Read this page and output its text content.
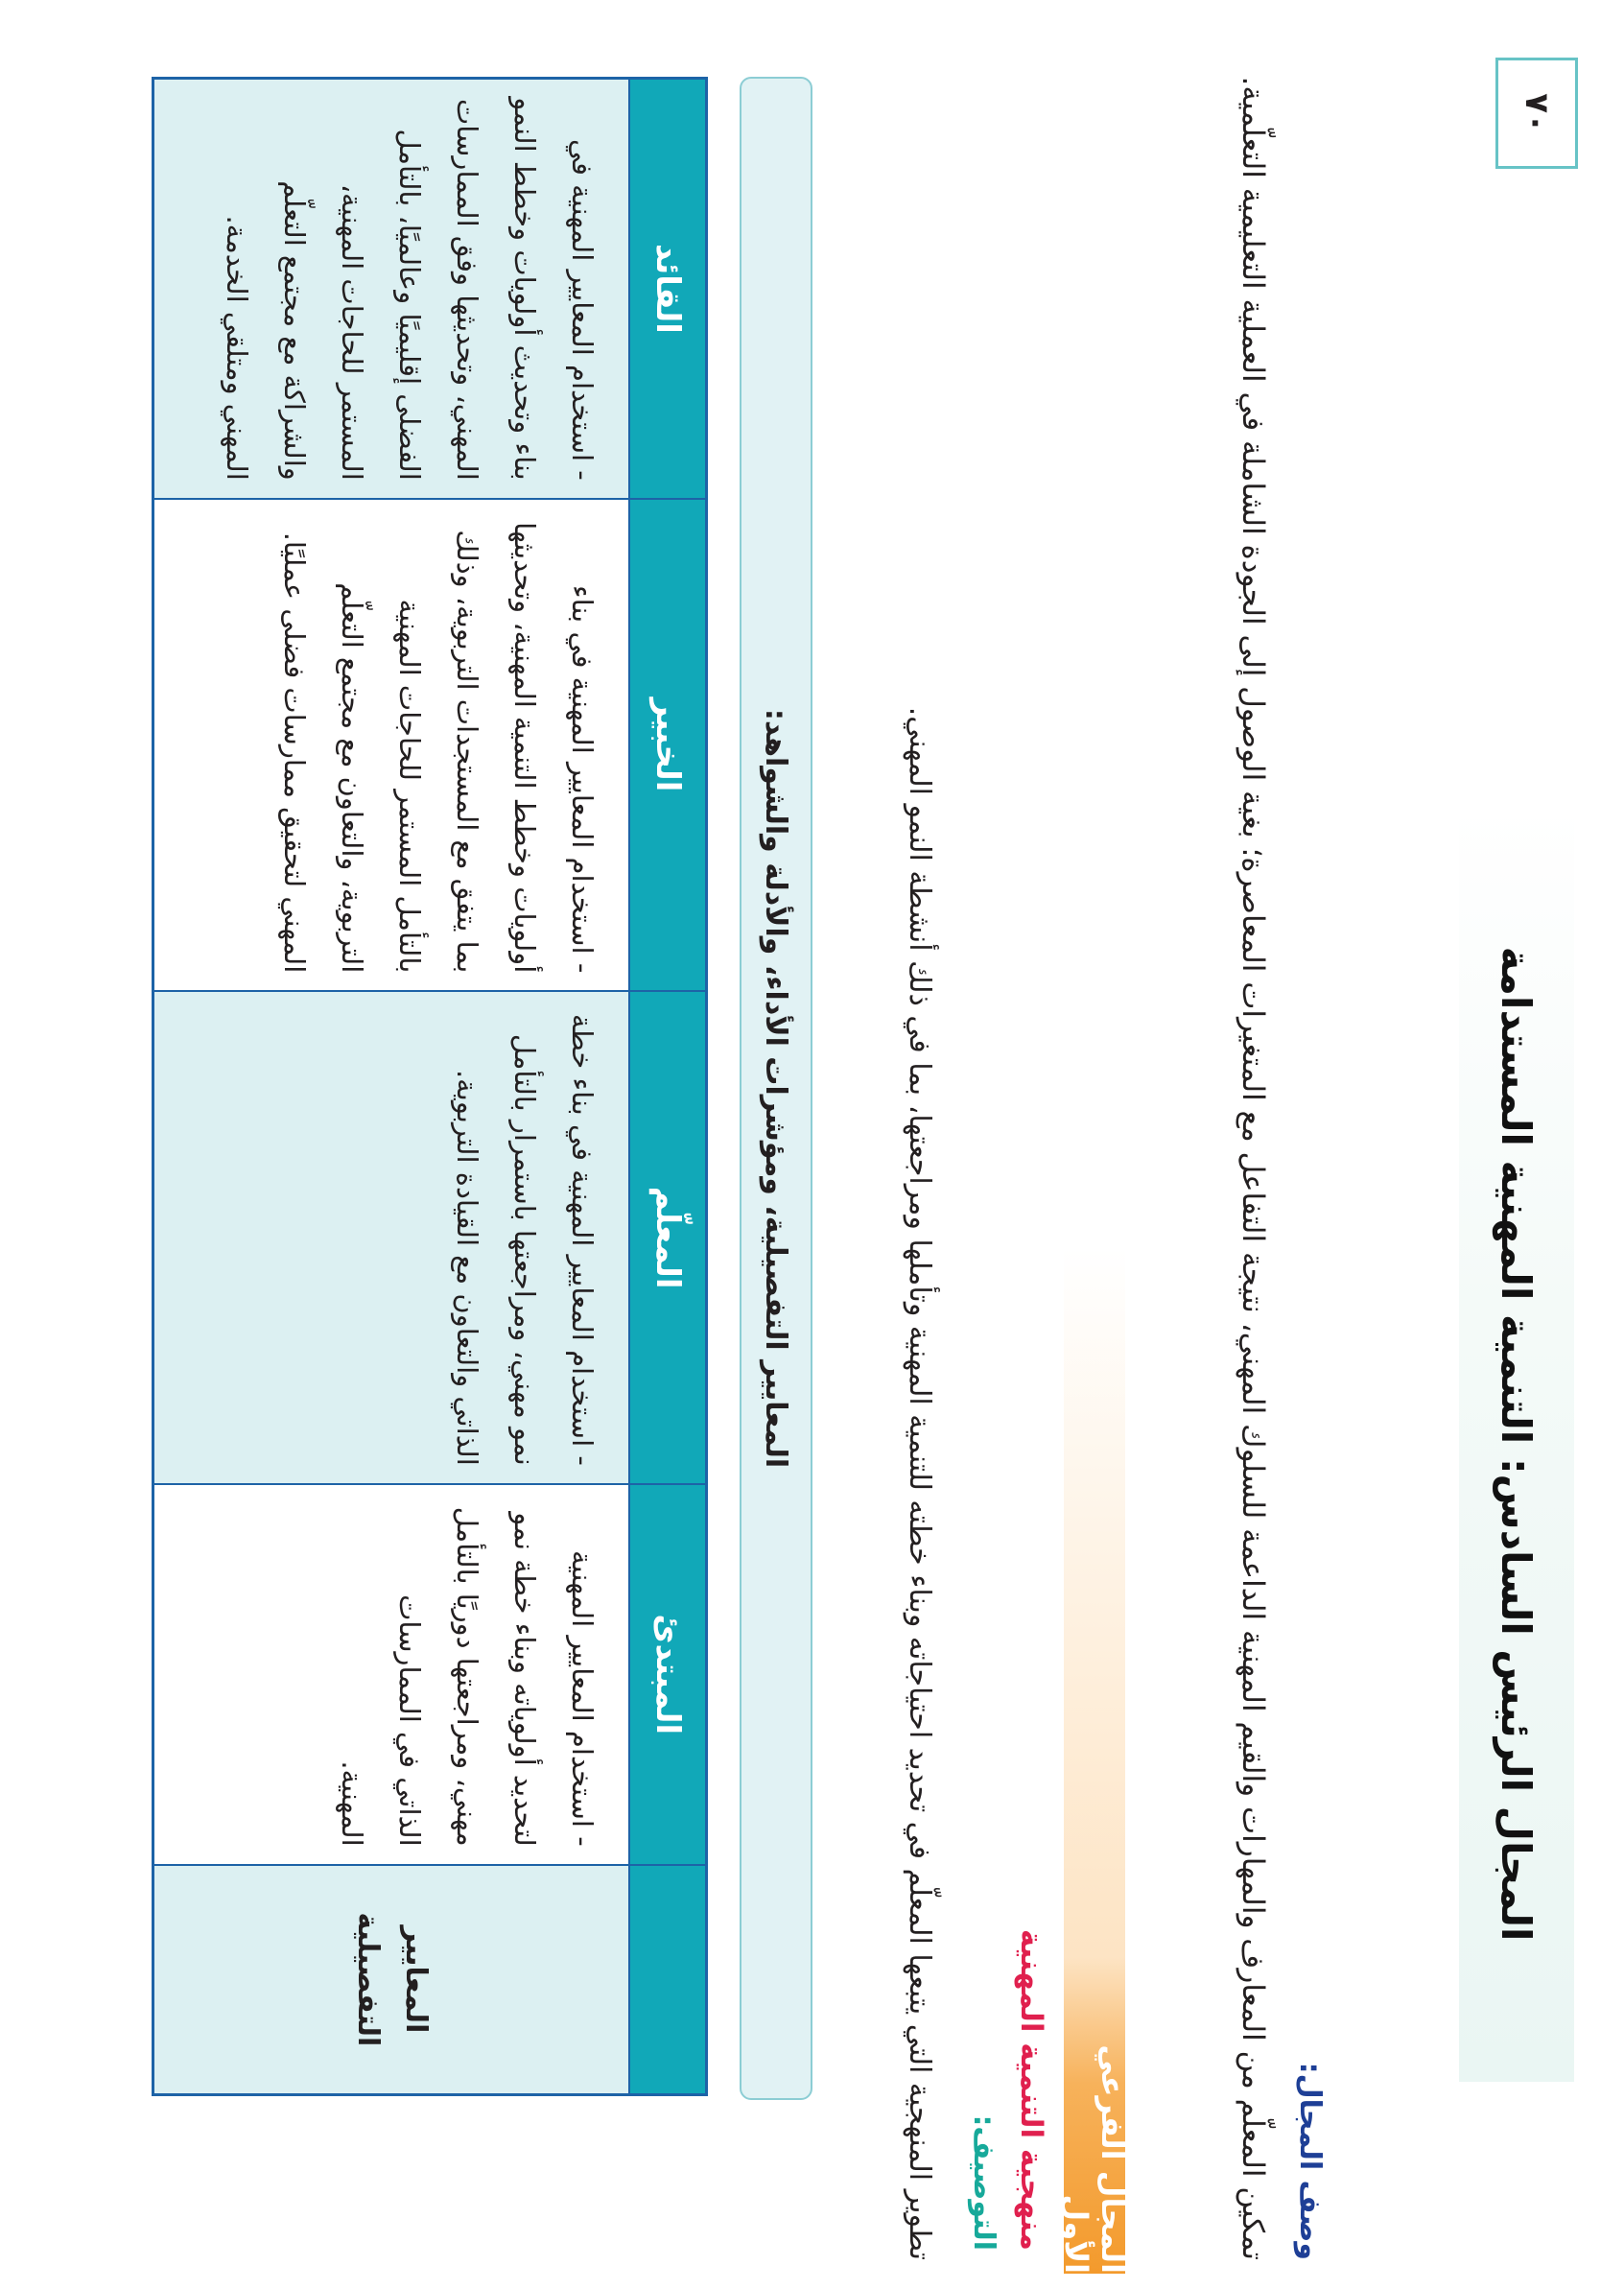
٧٠
المجال الرئيس السادس: التنمية المهنية المستدامة
وصف المجال:
تمكين المعلّم من المعارف والمهارات والقيم المهنية الداعمة للسلوك المهني، نتيجة التفاعل مع المتغيرات المعاصرة؛ بغية الوصول إلى الجودة الشاملة في العملية التعليمية التعلّمية.
المجال الفرعي الأول
منهجية التنمية المهنية
التوصيف:
تطوير المنهجية التي يتبعها المعلّم في تحديد احتياجاته وبناء خطته للتنمية المهنية وتأملها ومراجعتها، بما في ذلك أنشطة النمو المهني.
المعايير التفصيلية، ومؤشرات الأداء، والأدلة والشواهد:
المعايير التفصيلية
المبتدئ
- استخدام المعايير المهنية لتحديد أولوياته وبناء خطة نمو مهني، ومراجعتها دوريًا بالتأمل الذاتي في الممارسات المهنية.
المعلّم
- استخدام المعايير المهنية في بناء خطة نمو مهني، ومراجعتها باستمرار بالتأمل الذاتي والتعاون مع القيادة التربوية.
الخبير
- استخدام المعايير المهنية في بناء أولويات وخطط التنمية المهنية، وتحديثها بما يتفق مع المستجدات التربوية، وذلك بالتأمل المستمر للحاجات المهنية التربوية، والتعاون مع مجتمع التعلّم المهني لتحقيق ممارسات فضلى عمليًا.
القائد
- استخدام المعايير المهنية في بناء وتحديث أولويات وخطط النمو المهني، وتحديثها وفق الممارسات الفضلى إقليميًا وعالميًا، بالتأمل المستمر للحاجات المهنية، والشراكة مع مجتمع التعلّم المهني ومتلقي الخدمة.
